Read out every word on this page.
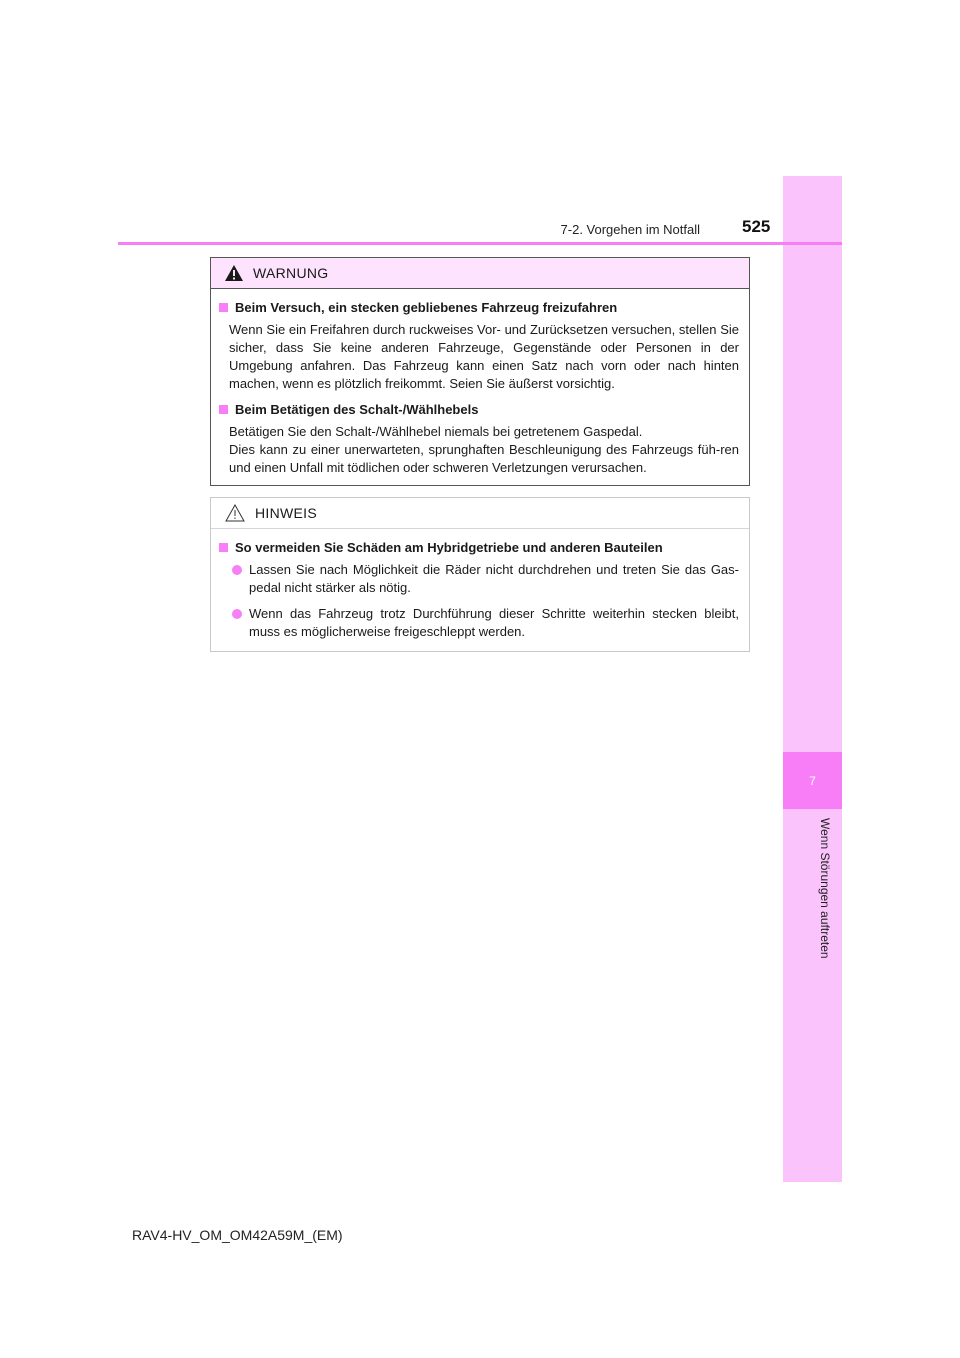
7
Wenn Störungen auftreten
7-2. Vorgehen im Notfall 525
WARNUNG
Beim Versuch, ein stecken gebliebenes Fahrzeug freizufahren
Wenn Sie ein Freifahren durch ruckweises Vor- und Zurücksetzen versuchen, stellen Sie sicher, dass Sie keine anderen Fahrzeuge, Gegenstände oder Personen in der Umgebung anfahren. Das Fahrzeug kann einen Satz nach vorn oder nach hinten machen, wenn es plötzlich freikommt. Seien Sie äußerst vorsichtig.
Beim Betätigen des Schalt-/Wählhebels
Betätigen Sie den Schalt-/Wählhebel niemals bei getretenem Gaspedal.
Dies kann zu einer unerwarteten, sprunghaften Beschleunigung des Fahrzeugs füh-ren und einen Unfall mit tödlichen oder schweren Verletzungen verursachen.
HINWEIS
So vermeiden Sie Schäden am Hybridgetriebe und anderen Bauteilen
Lassen Sie nach Möglichkeit die Räder nicht durchdrehen und treten Sie das Gas-pedal nicht stärker als nötig.
Wenn das Fahrzeug trotz Durchführung dieser Schritte weiterhin stecken bleibt, muss es möglicherweise freigeschleppt werden.
RAV4-HV_OM_OM42A59M_(EM)
